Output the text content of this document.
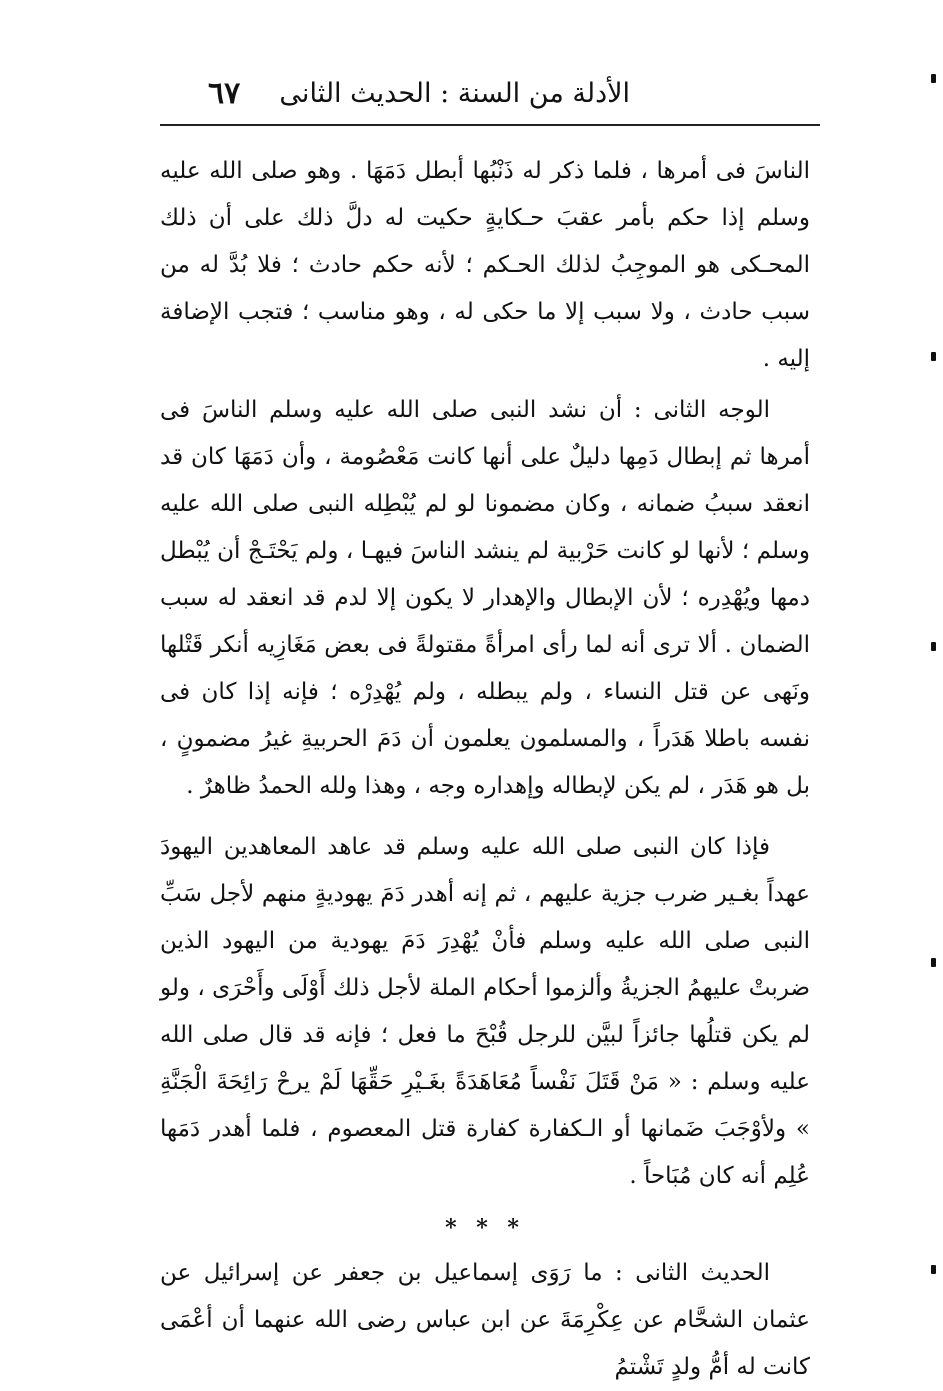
الأدلة من السنة : الحديث الثانى
٦٧

الناسَ فى أمرها ، فلما ذكر له ذَنْبُها أبطل دَمَهَا . وهو صلى الله عليه وسلم إذا حكم بأمر عقبَ حـكايةٍ حكيت له دلَّ ذلك على أن ذلك المحـكى هو الموجِبُ لذلك الحـكم ؛ لأنه حكم حادث ؛ فلا بُدَّ له من سبب حادث ، ولا سبب إلا ما حكى له ، وهو مناسب ؛ فتجب الإضافة إليه .

الوجه الثانى : أن نشد النبى صلى الله عليه وسلم الناسَ فى أمرها ثم إبطال دَمِها دليلٌ على أنها كانت مَعْصُومة ، وأن دَمَهَا كان قد انعقد سببُ ضمانه ، وكان مضمونا لو لم يُبْطِله النبى صلى الله عليه وسلم ؛ لأنها لو كانت حَرْبية لم ينشد الناسَ فيهـا ، ولم يَحْتَـجْ أن يُبْطل دمها ويُهْدِره ؛ لأن الإبطال والإهدار لا يكون إلا لدم قد انعقد له سبب الضمان . ألا ترى أنه لما رأى امرأةً مقتولةً فى بعض مَغَازِيه أنكر قَتْلها ونَهى عن قتل النساء ، ولم يبطله ، ولم يُهْدِرْه ؛ فإنه إذا كان فى نفسه باطلا هَدَراً ، والمسلمون يعلمون أن دَمَ الحربيةِ غيرُ مضمونٍ ، بل هو هَدَر ، لم يكن لإبطاله وإهداره وجه ، وهذا ولله الحمدُ ظاهرٌ .

فإذا كان النبى صلى الله عليه وسلم قد عاهد المعاهدين اليهودَ عهداً بغـير ضرب جزية عليهم ، ثم إنه أهدر دَمَ يهوديةٍ منهم لأجل سَبِّ النبى صلى الله عليه وسلم فأنْ يُهْدِرَ دَمَ يهودية من اليهود الذين ضربتْ عليهمُ الجزيةُ وألزموا أحكام الملة لأجل ذلك أَوْلَى وأَحْرَى ، ولو لم يكن قتلُها جائزاً لبيَّن للرجل قُبْحَ ما فعل ؛ فإنه قد قال صلى الله عليه وسلم : « مَنْ قَتَلَ نَفْساً مُعَاهَدَةً بغَـيْرِ حَقِّهَا لَمْ يرحْ رَائِحَةَ الْجَنَّةِ » ولأوْجَبَ ضَمانها أو الـكفارة كفارة قتل المعصوم ، فلما أهدر دَمَها عُلِم أنه كان مُبَاحاً .

* * *

الحديث الثانى : ما رَوَى إسماعيل بن جعفر عن إسرائيل عن عثمان الشحَّام عن عِكْرِمَةَ عن ابن عباس رضى الله عنهما أن أعْمَى كانت له أمُّ ولدٍ تَشْتمُ
